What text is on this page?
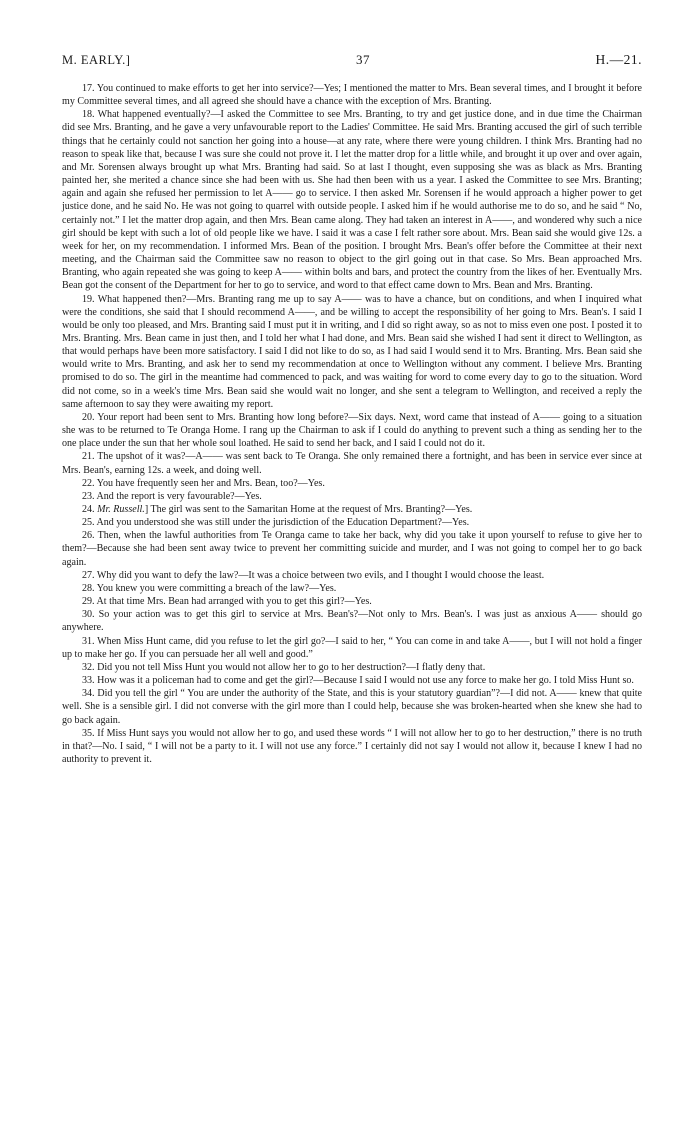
M. EARLY.]	37	H.—21.

17. You continued to make efforts to get her into service?—Yes; I mentioned the matter to Mrs. Bean several times, and I brought it before my Committee several times, and all agreed she should have a chance with the exception of Mrs. Branting.

18. What happened eventually?—I asked the Committee to see Mrs. Branting, to try and get justice done, and in due time the Chairman did see Mrs. Branting, and he gave a very unfavourable report to the Ladies' Committee. He said Mrs. Branting accused the girl of such terrible things that he certainly could not sanction her going into a house—at any rate, where there were young children. I think Mrs. Branting had no reason to speak like that, because I was sure she could not prove it. I let the matter drop for a little while, and brought it up over and over again, and Mr. Sorensen always brought up what Mrs. Branting had said. So at last I thought, even supposing she was as black as Mrs. Branting painted her, she merited a chance since she had been with us. She had then been with us a year. I asked the Committee to see Mrs. Branting; again and again she refused her permission to let A—— go to service. I then asked Mr. Sorensen if he would approach a higher power to get justice done, and he said No. He was not going to quarrel with outside people. I asked him if he would authorise me to do so, and he said “ No, certainly not.” I let the matter drop again, and then Mrs. Bean came along. They had taken an interest in A——, and wondered why such a nice girl should be kept with such a lot of old people like we have. I said it was a case I felt rather sore about. Mrs. Bean said she would give 12s. a week for her, on my recommendation. I informed Mrs. Bean of the position. I brought Mrs. Bean's offer before the Committee at their next meeting, and the Chairman said the Committee saw no reason to object to the girl going out in that case. So Mrs. Bean approached Mrs. Branting, who again repeated she was going to keep A—— within bolts and bars, and protect the country from the likes of her. Eventually Mrs. Bean got the consent of the Department for her to go to service, and word to that effect came down to Mrs. Bean and Mrs. Branting.

19. What happened then?—Mrs. Branting rang me up to say A—— was to have a chance, but on conditions, and when I inquired what were the conditions, she said that I should recommend A——, and be willing to accept the responsibility of her going to Mrs. Bean's. I said I would be only too pleased, and Mrs. Branting said I must put it in writing, and I did so right away, so as not to miss even one post. I posted it to Mrs. Branting. Mrs. Bean came in just then, and I told her what I had done, and Mrs. Bean said she wished I had sent it direct to Wellington, as that would perhaps have been more satisfactory. I said I did not like to do so, as I had said I would send it to Mrs. Branting. Mrs. Bean said she would write to Mrs. Branting, and ask her to send my recommendation at once to Wellington without any comment. I believe Mrs. Branting promised to do so. The girl in the meantime had commenced to pack, and was waiting for word to come every day to go to the situation. Word did not come, so in a week's time Mrs. Bean said she would wait no longer, and she sent a telegram to Wellington, and received a reply the same afternoon to say they were awaiting my report.

20. Your report had been sent to Mrs. Branting how long before?—Six days. Next, word came that instead of A—— going to a situation she was to be returned to Te Oranga Home. I rang up the Chairman to ask if I could do anything to prevent such a thing as sending her to the one place under the sun that her whole soul loathed. He said to send her back, and I said I could not do it.

21. The upshot of it was?—A—— was sent back to Te Oranga. She only remained there a fortnight, and has been in service ever since at Mrs. Bean's, earning 12s. a week, and doing well.

22. You have frequently seen her and Mrs. Bean, too?—Yes.

23. And the report is very favourable?—Yes.

24. Mr. Russell.] The girl was sent to the Samaritan Home at the request of Mrs. Branting?—Yes.

25. And you understood she was still under the jurisdiction of the Education Department?—Yes.

26. Then, when the lawful authorities from Te Oranga came to take her back, why did you take it upon yourself to refuse to give her to them?—Because she had been sent away twice to prevent her committing suicide and murder, and I was not going to compel her to go back again.

27. Why did you want to defy the law?—It was a choice between two evils, and I thought I would choose the least.

28. You knew you were committing a breach of the law?—Yes.

29. At that time Mrs. Bean had arranged with you to get this girl?—Yes.

30. So your action was to get this girl to service at Mrs. Bean's?—Not only to Mrs. Bean's. I was just as anxious A—— should go anywhere.

31. When Miss Hunt came, did you refuse to let the girl go?—I said to her, “ You can come in and take A——, but I will not hold a finger up to make her go. If you can persuade her all well and good.”

32. Did you not tell Miss Hunt you would not allow her to go to her destruction?—I flatly deny that.

33. How was it a policeman had to come and get the girl?—Because I said I would not use any force to make her go. I told Miss Hunt so.

34. Did you tell the girl “ You are under the authority of the State, and this is your statutory guardian”?—I did not. A—— knew that quite well. She is a sensible girl. I did not converse with the girl more than I could help, because she was broken-hearted when she knew she had to go back again.

35. If Miss Hunt says you would not allow her to go, and used these words “ I will not allow her to go to her destruction,” there is no truth in that?—No. I said, “ I will not be a party to it. I will not use any force.” I certainly did not say I would not allow it, because I knew I had no authority to prevent it.
